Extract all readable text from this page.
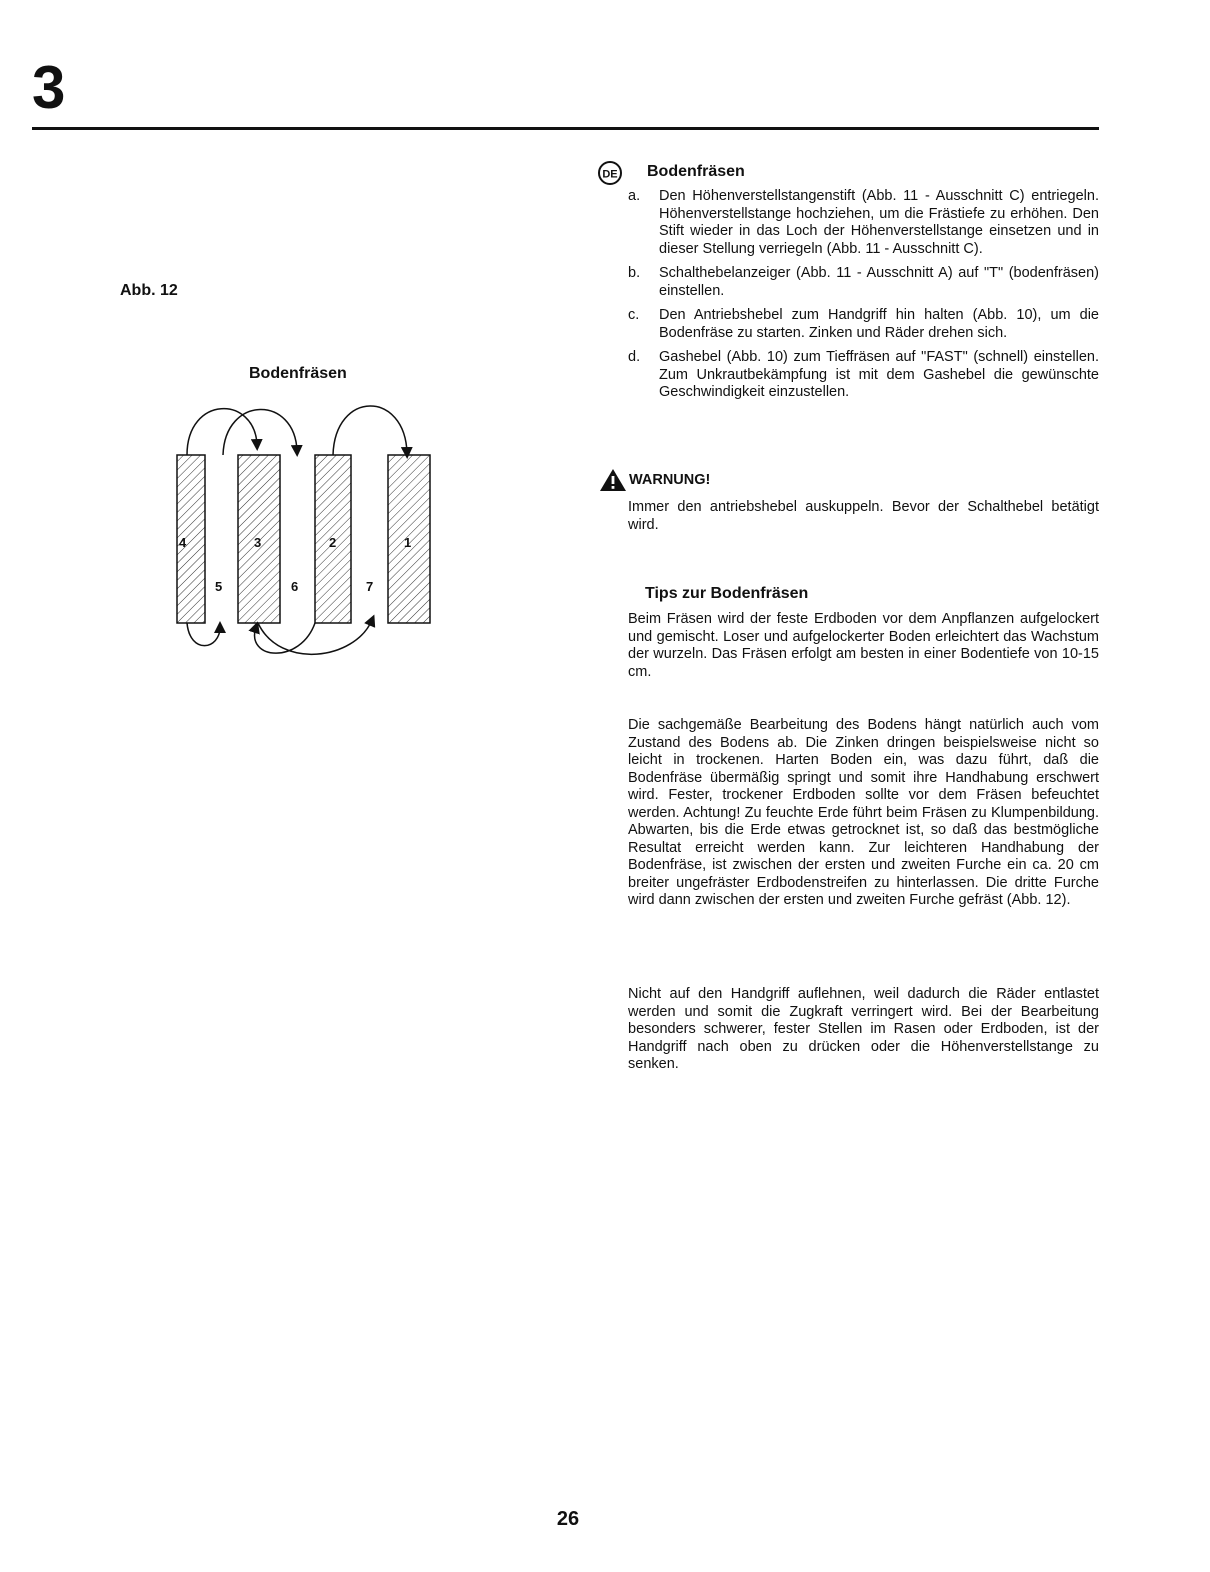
3
Abb. 12
Bodenfräsen
4	3	2	1
5	6	7
DE Bodenfräsen
a. Den Höhenverstellstangenstift (Abb. 11 - Ausschnitt C) entriegeln. Höhenverstellstange hochziehen, um die Frästiefe zu erhöhen. Den Stift wieder in das Loch der Höhenverstellstange einsetzen und in dieser Stellung verriegeln (Abb. 11 - Ausschnitt C).
b. Schalthebelanzeiger (Abb. 11 - Ausschnitt A) auf "T" (bodenfräsen) einstellen.
c. Den Antriebshebel zum Handgriff hin halten (Abb. 10), um die Bodenfräse zu starten. Zinken und Räder drehen sich.
d. Gashebel (Abb. 10) zum Tieffräsen auf "FAST" (schnell) einstellen. Zum Unkrautbekämpfung ist mit dem Gashebel die gewünschte Geschwindigkeit einzustellen.
WARNUNG!

Immer den antriebshebel auskuppeln. Bevor der Schalthebel betätigt wird.

Tips zur Bodenfräsen

Beim Fräsen wird der feste Erdboden vor dem Anpflanzen aufgelockert und gemischt. Loser und aufgelockerter Boden erleichtert das Wachstum der wurzeln. Das Fräsen erfolgt am besten in einer Bodentiefe von 10-15 cm.

Die sachgemäße Bearbeitung des Bodens hängt natürlich auch vom Zustand des Bodens ab. Die Zinken dringen beispielsweise nicht so leicht in trockenen. Harten Boden ein, was dazu führt, daß die Bodenfräse übermäßig springt und somit ihre Handhabung erschwert wird. Fester, trockener Erdboden sollte vor dem Fräsen befeuchtet werden. Achtung! Zu feuchte Erde führt beim Fräsen zu Klumpenbildung. Abwarten, bis die Erde etwas getrocknet ist, so daß das bestmögliche Resultat erreicht werden kann. Zur leichteren Handhabung der Bodenfräse, ist zwischen der ersten und zweiten Furche ein ca. 20 cm breiter ungefräster Erdbodenstreifen zu hinterlassen. Die dritte Furche wird dann zwischen der ersten und zweiten Furche gefräst (Abb. 12).

Nicht auf den Handgriff auflehnen, weil dadurch die Räder entlastet werden und somit die Zugkraft verringert wird. Bei der Bearbeitung besonders schwerer, fester Stellen im Rasen oder Erdboden, ist der Handgriff nach oben zu drücken oder die Höhenverstellstange zu senken.

26
